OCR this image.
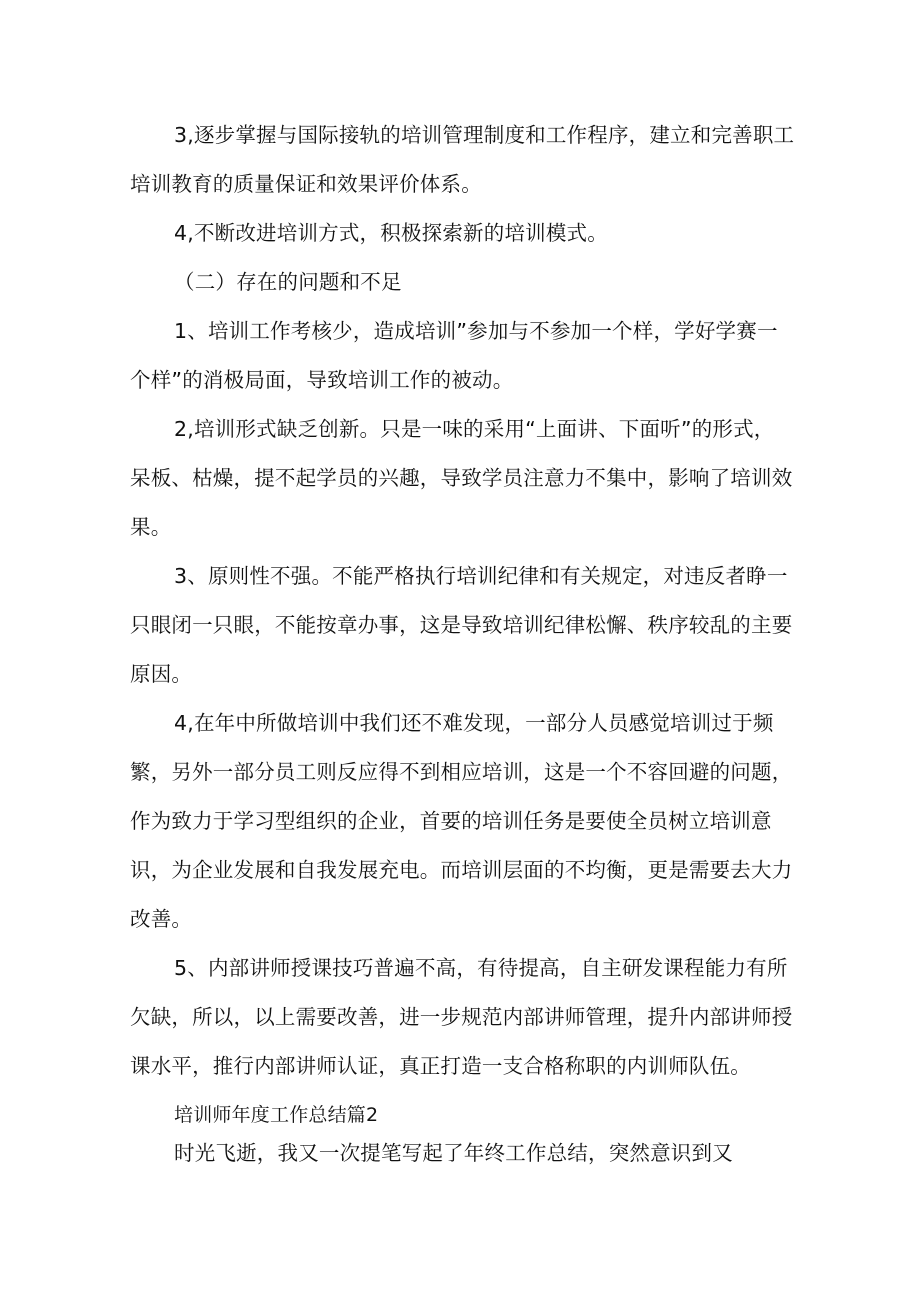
3,逐步掌握与国际接轨的培训管理制度和工作程序，建立和完善职工
培训教育的质量保证和效果评价体系。
4,不断改进培训方式，积极探索新的培训模式。
（二）存在的问题和不足
1、培训工作考核少，造成培训”参加与不参加一个样，学好学赛一
个样”的消极局面，导致培训工作的被动。
2,培训形式缺乏创新。只是一味的采用“上面讲、下面听”的形式，
呆板、枯燥，提不起学员的兴趣，导致学员注意力不集中，影响了培训效
果。
3、原则性不强。不能严格执行培训纪律和有关规定，对违反者睁一
只眼闭一只眼，不能按章办事，这是导致培训纪律松懈、秩序较乱的主要
原因。
4,在年中所做培训中我们还不难发现，一部分人员感觉培训过于频
繁，另外一部分员工则反应得不到相应培训，这是一个不容回避的问题，
作为致力于学习型组织的企业，首要的培训任务是要使全员树立培训意
识，为企业发展和自我发展充电。而培训层面的不均衡，更是需要去大力
改善。
5、内部讲师授课技巧普遍不高，有待提高，自主研发课程能力有所
欠缺，所以，以上需要改善，进一步规范内部讲师管理，提升内部讲师授
课水平，推行内部讲师认证，真正打造一支合格称职的内训师队伍。
培训师年度工作总结篇2
时光飞逝，我又一次提笔写起了年终工作总结，突然意识到又
